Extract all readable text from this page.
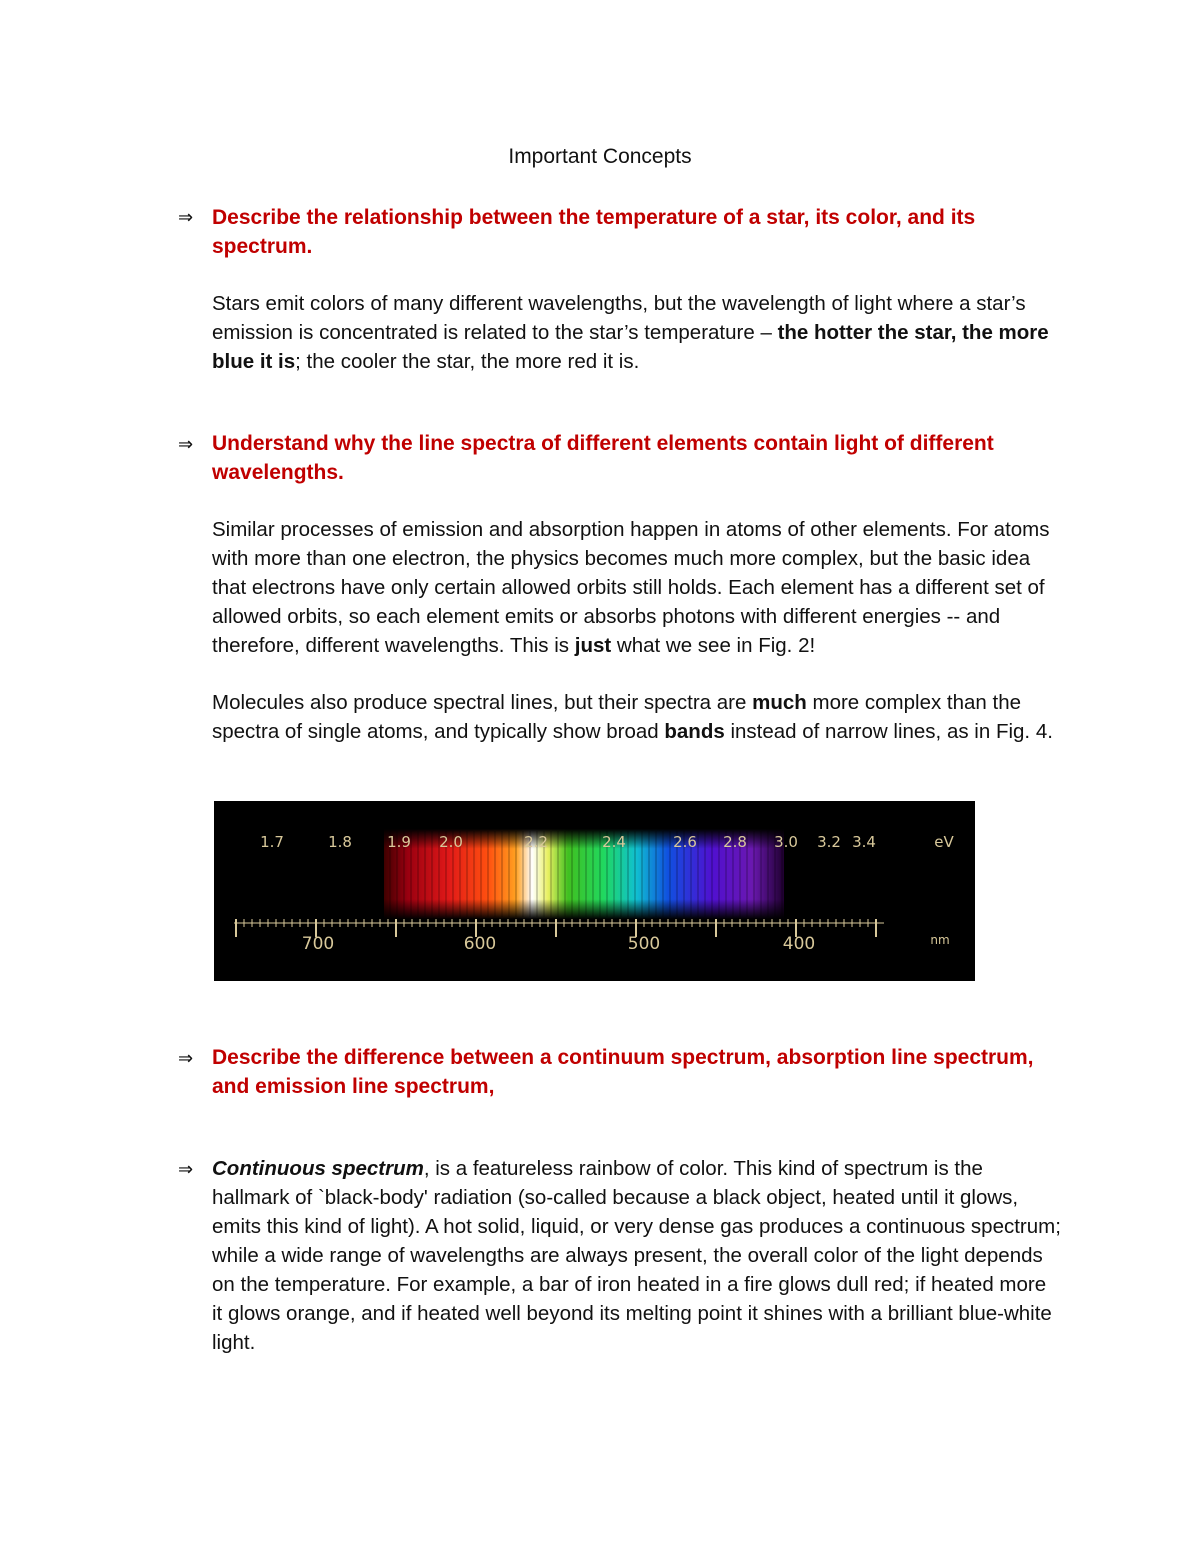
Important Concepts
⇒ Describe the relationship between the temperature of a star, its color, and its spectrum.
Stars emit colors of many different wavelengths, but the wavelength of light where a star’s emission is concentrated is related to the star’s temperature – the hotter the star, the more blue it is; the cooler the star, the more red it is.
⇒ Understand why the line spectra of different elements contain light of different wavelengths.
Similar processes of emission and absorption happen in atoms of other elements. For atoms with more than one electron, the physics becomes much more complex, but the basic idea that electrons have only certain allowed orbits still holds. Each element has a different set of allowed orbits, so each element emits or absorbs photons with different energies -- and therefore, different wavelengths. This is just what we see in Fig. 2!
Molecules also produce spectral lines, but their spectra are much more complex than the spectra of single atoms, and typically show broad bands instead of narrow lines, as in Fig. 4.
1.7	1.8 1.9 2.0	2.2	2.4	2.6 2.8 3.0 3.2 3.4	eV
700	600	500	400	nm
⇒ Describe the difference between a continuum spectrum, absorption line spectrum, and emission line spectrum,
⇒ Continuous spectrum, is a featureless rainbow of color. This kind of spectrum is the hallmark of `black-body' radiation (so-called because a black object, heated until it glows, emits this kind of light). A hot solid, liquid, or very dense gas produces a continuous spectrum; while a wide range of wavelengths are always present, the overall color of the light depends on the temperature. For example, a bar of iron heated in a fire glows dull red; if heated more it glows orange, and if heated well beyond its melting point it shines with a brilliant blue-white light.
